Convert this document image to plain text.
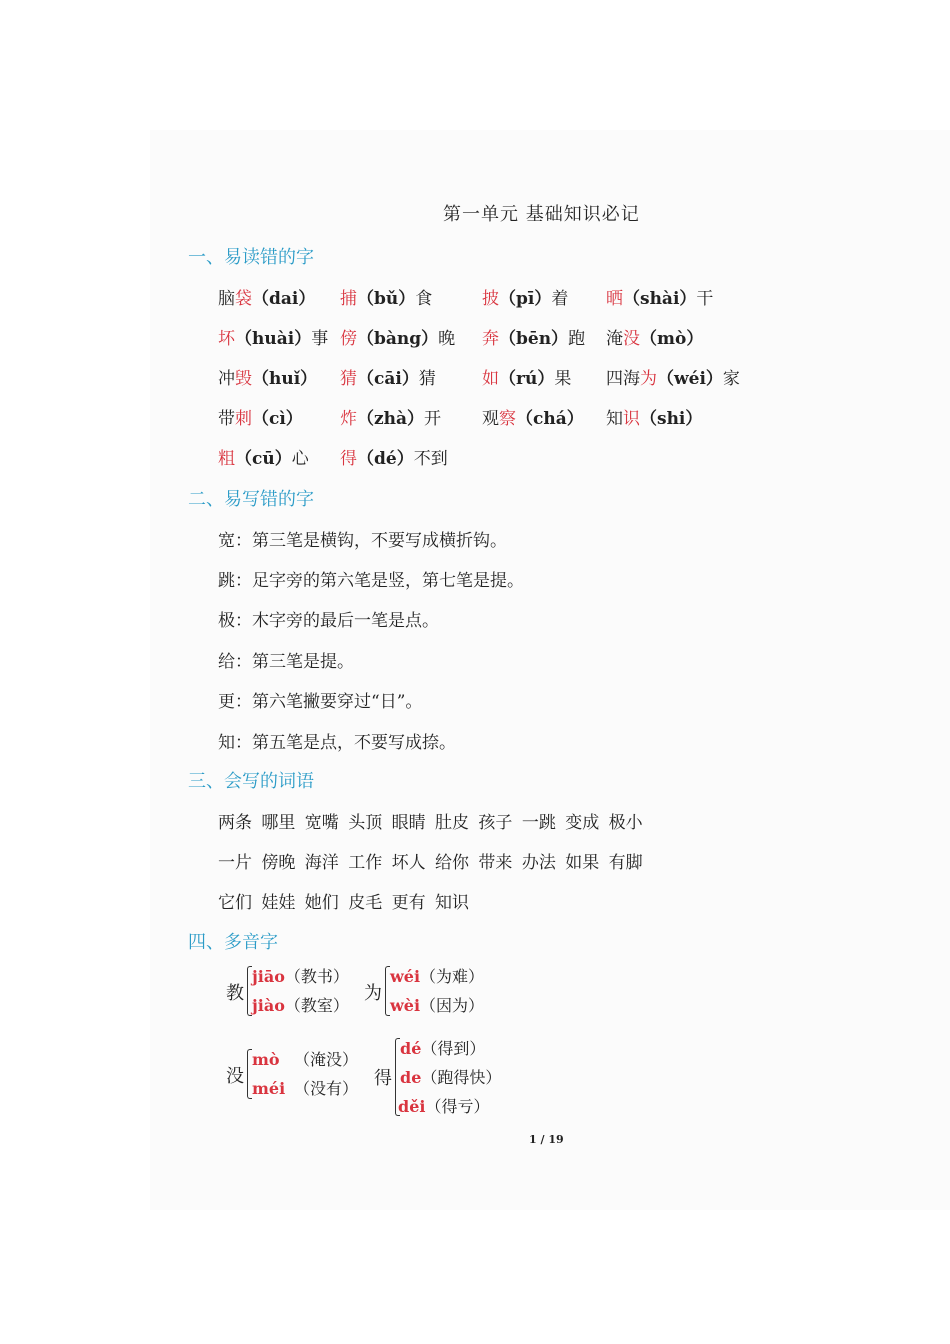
第一单元 基础知识必记
一、易读错的字
脑袋（dai） 捕（bǔ）食	披（pī）着 晒（shài）干
坏（huài）事 傍（bàng）晚 奔（bēn）跑 淹没（mò）
冲毁（huǐ） 猜（cāi）猜	如（rú）果 四海为（wéi）家
带刺（cì） 炸（zhà）开 观察（chá） 知识（shi）
粗（cū）心 得（dé）不到
二、易写错的字
宽：第三笔是横钩，不要写成横折钩。
跳：足字旁的第六笔是竖，第七笔是提。
极：木字旁的最后一笔是点。
给：第三笔是提。
更：第六笔撇要穿过“日”。
知：第五笔是点，不要写成捺。
三、会写的词语
两条 哪里 宽嘴 头顶 眼睛 肚皮 孩子 一跳 变成 极小
一片 傍晚 海洋 工作 坏人 给你 带来 办法 如果 有脚
它们 娃娃 她们 皮毛 更有 知识
四、多音字
教
jiāo（教书）
jiào（教室）
为
wéi（为难）
wèi（因为）
没
mò （淹没）
méi （没有） 得
dé（得到）
de（跑得快）
děi（得亏）
1 / 19
